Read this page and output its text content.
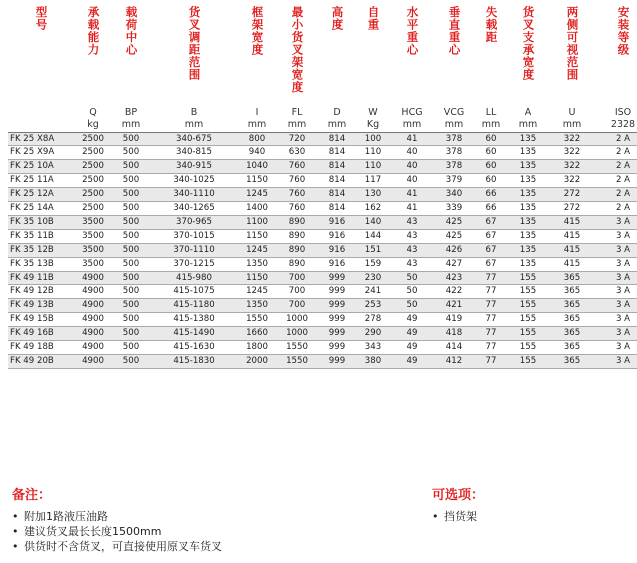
型号	承载能力	载荷中心	货叉调距范围	框架宽度	最小货叉架宽度	高度	自重	水平重心	垂直重心	失载距	货叉支承宽度	两侧可视范围	安装等级
	Q	BP	B	I	FL	D	W	HCG	VCG	LL	A	U	ISO
	kg	mm	mm	mm	mm	mm	Kg	mm	mm	mm	mm	mm	2328
FK 25 X8A	2500	500	340-675	800	720	814	100	41	378	60	135	322	2 A
FK 25 X9A	2500	500	340-815	940	630	814	110	40	378	60	135	322	2 A
FK 25 10A	2500	500	340-915	1040	760	814	110	40	378	60	135	322	2 A
FK 25 11A	2500	500	340-1025	1150	760	814	117	40	379	60	135	322	2 A
FK 25 12A	2500	500	340-1110	1245	760	814	130	41	340	66	135	272	2 A
FK 25 14A	2500	500	340-1265	1400	760	814	162	41	339	66	135	272	2 A
FK 35 10B	3500	500	370-965	1100	890	916	140	43	425	67	135	415	3 A
FK 35 11B	3500	500	370-1015	1150	890	916	144	43	425	67	135	415	3 A
FK 35 12B	3500	500	370-1110	1245	890	916	151	43	426	67	135	415	3 A
FK 35 13B	3500	500	370-1215	1350	890	916	159	43	427	67	135	415	3 A
FK 49 11B	4900	500	415-980	1150	700	999	230	50	423	77	155	365	3 A
FK 49 12B	4900	500	415-1075	1245	700	999	241	50	422	77	155	365	3 A
FK 49 13B	4900	500	415-1180	1350	700	999	253	50	421	77	155	365	3 A
FK 49 15B	4900	500	415-1380	1550	1000	999	278	49	419	77	155	365	3 A
FK 49 16B	4900	500	415-1490	1660	1000	999	290	49	418	77	155	365	3 A
FK 49 18B	4900	500	415-1630	1800	1550	999	343	49	414	77	155	365	3 A
FK 49 20B	4900	500	415-1830	2000	1550	999	380	49	412	77	155	365	3 A
备注：
• 附加1路液压油路
• 建议货叉最长长度1500mm
• 供货时不含货叉，可直接使用原叉车货叉
可选项：
• 挡货架
